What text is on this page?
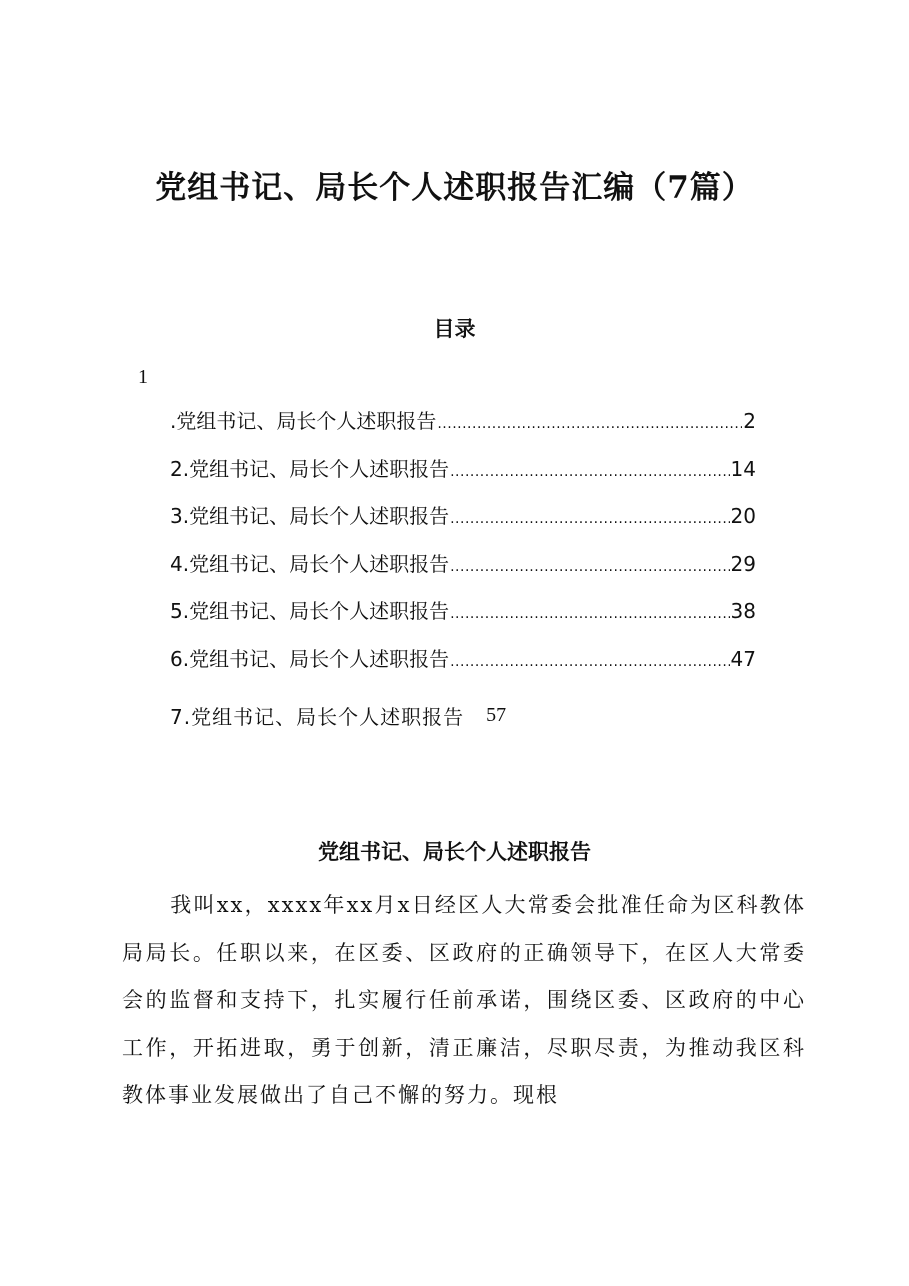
党组书记、局长个人述职报告汇编（7篇）
目录
1
.党组书记、局长个人述职报告 .....	2
2.党组书记、局长个人述职报告 .....	14
3.党组书记、局长个人述职报告 .....	20
4.党组书记、局长个人述职报告 .....	29
5.党组书记、局长个人述职报告 .....	38
6.党组书记、局长个人述职报告 .....	47
7.党组书记、局长个人述职报告 57
党组书记、局长个人述职报告

我叫xx，xxxx年xx月x日经区人大常委会批准任命为区科教体局局长。任职以来，在区委、区政府的正确领导下，在区人大常委会的监督和支持下，扎实履行任前承诺，围绕区委、区政府的中心工作，开拓进取，勇于创新，清正廉洁，尽职尽责，为推动我区科教体事业发展做出了自己不懈的努力。现根
